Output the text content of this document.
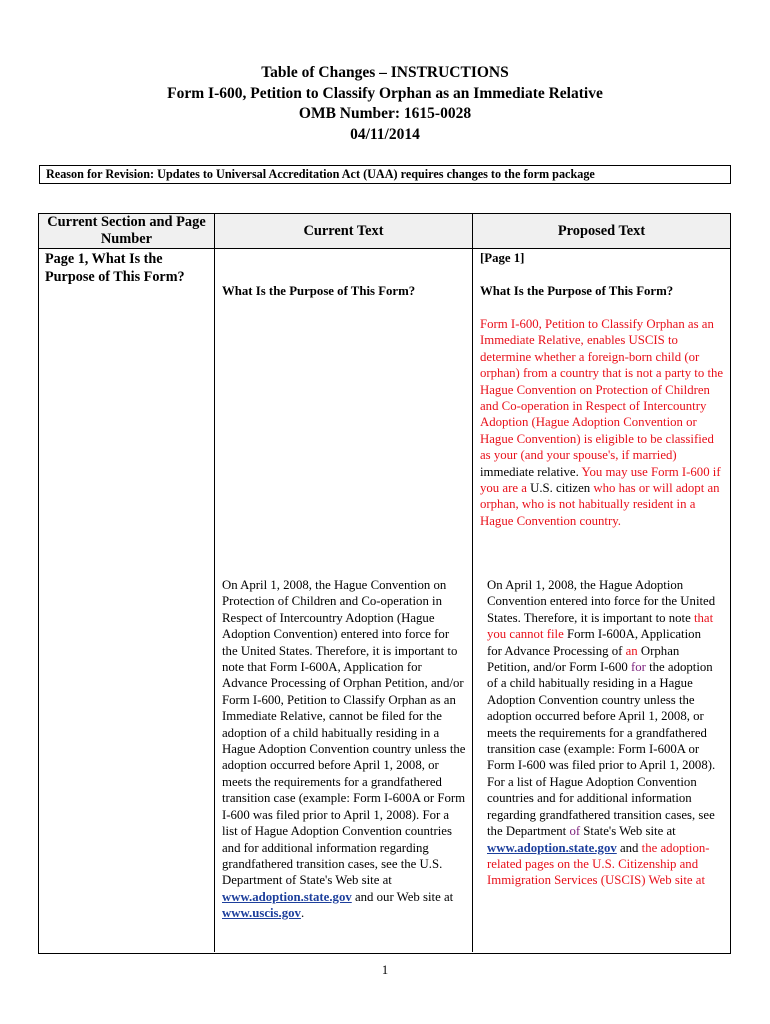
Table of Changes – INSTRUCTIONS
Form I-600, Petition to Classify Orphan as an Immediate Relative
OMB Number: 1615-0028
04/11/2014
Reason for Revision: Updates to Universal Accreditation Act (UAA) requires changes to the form package
Current Section and Page Number
Current Text	Proposed Text
Page 1, What Is the Purpose of This Form?
What Is the Purpose of This Form?
On April 1, 2008, the Hague Convention on Protection of Children and Co-operation in Respect of Intercountry Adoption (Hague Adoption Convention) entered into force for the United States. Therefore, it is important to note that Form I-600A, Application for Advance Processing of Orphan Petition, and/or Form I-600, Petition to Classify Orphan as an Immediate Relative, cannot be filed for the adoption of a child habitually residing in a Hague Adoption Convention country unless the adoption occurred before April 1, 2008, or meets the requirements for a grandfathered transition case (example: Form I-600A or Form I-600 was filed prior to April 1, 2008). For a list of Hague Adoption Convention countries and for additional information regarding grandfathered transition cases, see the U.S. Department of State's Web site at www.adoption.state.gov and our Web site at www.uscis.gov.
[Page 1]
What Is the Purpose of This Form?
Form I-600, Petition to Classify Orphan as an Immediate Relative, enables USCIS to determine whether a foreign-born child (or orphan) from a country that is not a party to the Hague Convention on Protection of Children and Co-operation in Respect of Intercountry Adoption (Hague Adoption Convention or Hague Convention) is eligible to be classified as your (and your spouse's, if married) immediate relative. You may use Form I-600 if you are a U.S. citizen who has or will adopt an orphan, who is not habitually resident in a Hague Convention country.
On April 1, 2008, the Hague Adoption Convention entered into force for the United States. Therefore, it is important to note that you cannot file Form I-600A, Application for Advance Processing of an Orphan Petition, and/or Form I-600 for the adoption of a child habitually residing in a Hague Adoption Convention country unless the adoption occurred before April 1, 2008, or meets the requirements for a grandfathered transition case (example: Form I-600A or Form I-600 was filed prior to April 1, 2008). For a list of Hague Adoption Convention countries and for additional information regarding grandfathered transition cases, see the Department of State's Web site at www.adoption.state.gov and the adoption-related pages on the U.S. Citizenship and Immigration Services (USCIS) Web site at
1
